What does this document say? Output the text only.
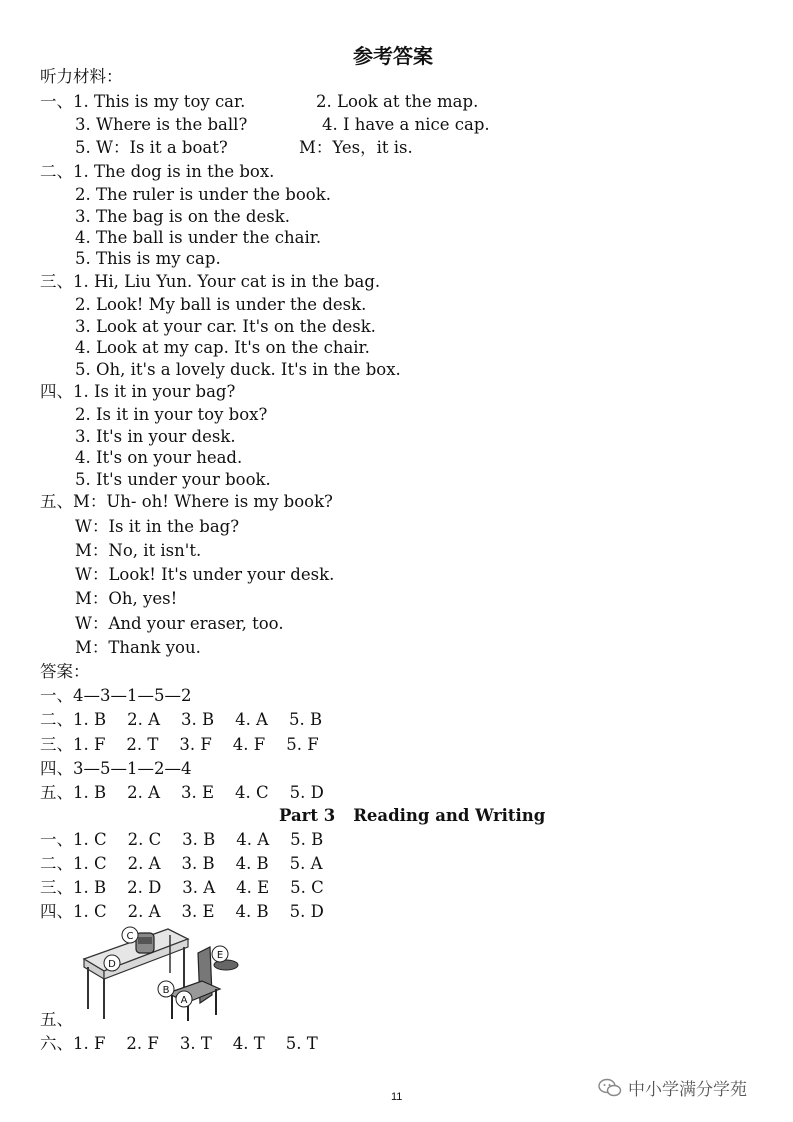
参考答案
听力材料：
一、1. This is my toy car.	2. Look at the map.
3. Where is the ball?	4. I have a nice cap.
5. W：Is it a boat?	M：Yes，it is.
二、1. The dog is in the box.
2. The ruler is under the book.
3. The bag is on the desk.
4. The ball is under the chair.
5. This is my cap.
三、1. Hi, Liu Yun. Your cat is in the bag.
2. Look! My ball is under the desk.
3. Look at your car. It's on the desk.
4. Look at my cap. It's on the chair.
5. Oh, it's a lovely duck. It's in the box.
四、1. Is it in your bag?
2. Is it in your toy box?
3. It's in your desk.
4. It's on your head.
5. It's under your book.
五、M：Uh- oh! Where is my book?
W：Is it in the bag?
M：No, it isn't.
W：Look! It's under your desk.
M：Oh, yes!
W：And your eraser, too.
M：Thank you.
答案：
一、4—3—1—5—2
二、1. B    2. A    3. B    4. A    5. B
三、1. F    2. T    3. F    4. F    5. F
四、3—5—1—2—4
五、1. B    2. A    3. E    4. C    5. D
Part 3 Reading and Writing
一、1. C    2. C    3. B    4. A    5. B
二、1. C    2. A    3. B    4. B    5. A
三、1. B    2. D    3. A    4. E    5. C
四、1. C    2. A    3. E    4. B    5. D
A
B
C
D
E
五、
六、1. F    2. F    3. T    4. T    5. T
11	中小学满分学苑
